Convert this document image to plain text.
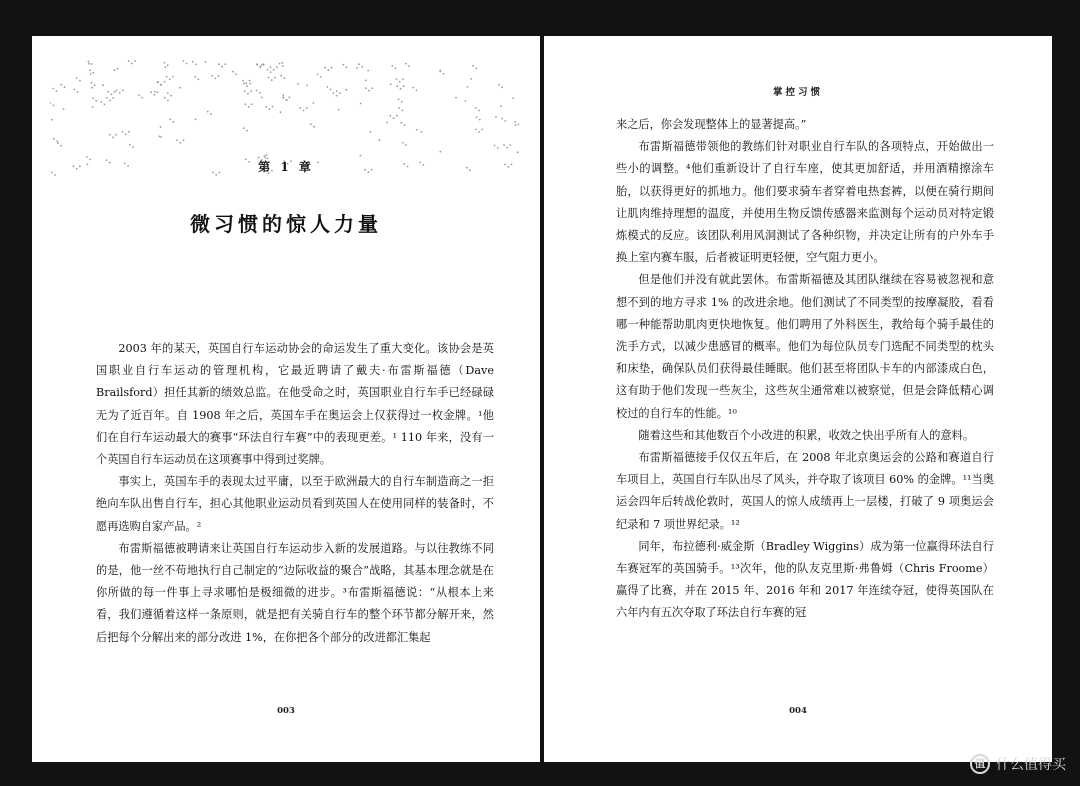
第 1 章
微习惯的惊人力量

2003 年的某天，英国自行车运动协会的命运发生了重大变化。该协会是英国职业自行车运动的管理机构，它最近聘请了戴夫·布雷斯福德（Dave Brailsford）担任其新的绩效总监。在他受命之时，英国职业自行车手已经碌碌无为了近百年。自 1908 年之后，英国车手在奥运会上仅获得过一枚金牌。¹他们在自行车运动最大的赛事“环法自行车赛”中的表现更差。¹ 110 年来，没有一个英国自行车运动员在这项赛事中得到过奖牌。

事实上，英国车手的表现太过平庸，以至于欧洲最大的自行车制造商之一拒绝向车队出售自行车，担心其他职业运动员看到英国人在使用同样的装备时，不愿再选购自家产品。²

布雷斯福德被聘请来让英国自行车运动步入新的发展道路。与以往教练不同的是，他一丝不苟地执行自己制定的“边际收益的聚合”战略，其基本理念就是在你所做的每一件事上寻求哪怕是极细微的进步。³布雷斯福德说：“从根本上来看，我们遵循着这样一条原则，就是把有关骑自行车的整个环节都分解开来，然后把每个分解出来的部分改进 1%，在你把各个部分的改进都汇集起

003
掌控习惯

来之后，你会发现整体上的显著提高。”

布雷斯福德带领他的教练们针对职业自行车队的各项特点，开始做出一些小的调整。⁴他们重新设计了自行车座，使其更加舒适，并用酒精擦涂车胎，以获得更好的抓地力。他们要求骑车者穿着电热套裤，以便在骑行期间让肌肉维持理想的温度，并使用生物反馈传感器来监测每个运动员对特定锻炼模式的反应。该团队利用风洞测试了各种织物，并决定让所有的户外车手换上室内赛车服，后者被证明更轻便，空气阻力更小。

但是他们并没有就此罢休。布雷斯福德及其团队继续在容易被忽视和意想不到的地方寻求 1% 的改进余地。他们测试了不同类型的按摩凝胶，看看哪一种能帮助肌肉更快地恢复。他们聘用了外科医生，教给每个骑手最佳的洗手方式，以减少患感冒的概率。他们为每位队员专门选配不同类型的枕头和床垫，确保队员们获得最佳睡眠。他们甚至将团队卡车的内部漆成白色，这有助于他们发现一些灰尘，这些灰尘通常难以被察觉，但是会降低精心调校过的自行车的性能。¹⁰

随着这些和其他数百个小改进的积累，收效之快出乎所有人的意料。

布雷斯福德接手仅仅五年后，在 2008 年北京奥运会的公路和赛道自行车项目上，英国自行车队出尽了风头，并夺取了该项目 60% 的金牌。¹¹当奥运会四年后转战伦敦时，英国人的惊人成绩再上一层楼，打破了 9 项奥运会纪录和 7 项世界纪录。¹²

同年，布拉德利·威金斯（Bradley Wiggins）成为第一位赢得环法自行车赛冠军的英国骑手。¹³次年，他的队友克里斯·弗鲁姆（Chris Froome）赢得了比赛，并在 2015 年、2016 年和 2017 年连续夺冠，使得英国队在六年内有五次夺取了环法自行车赛的冠

004
值 什么值得买
